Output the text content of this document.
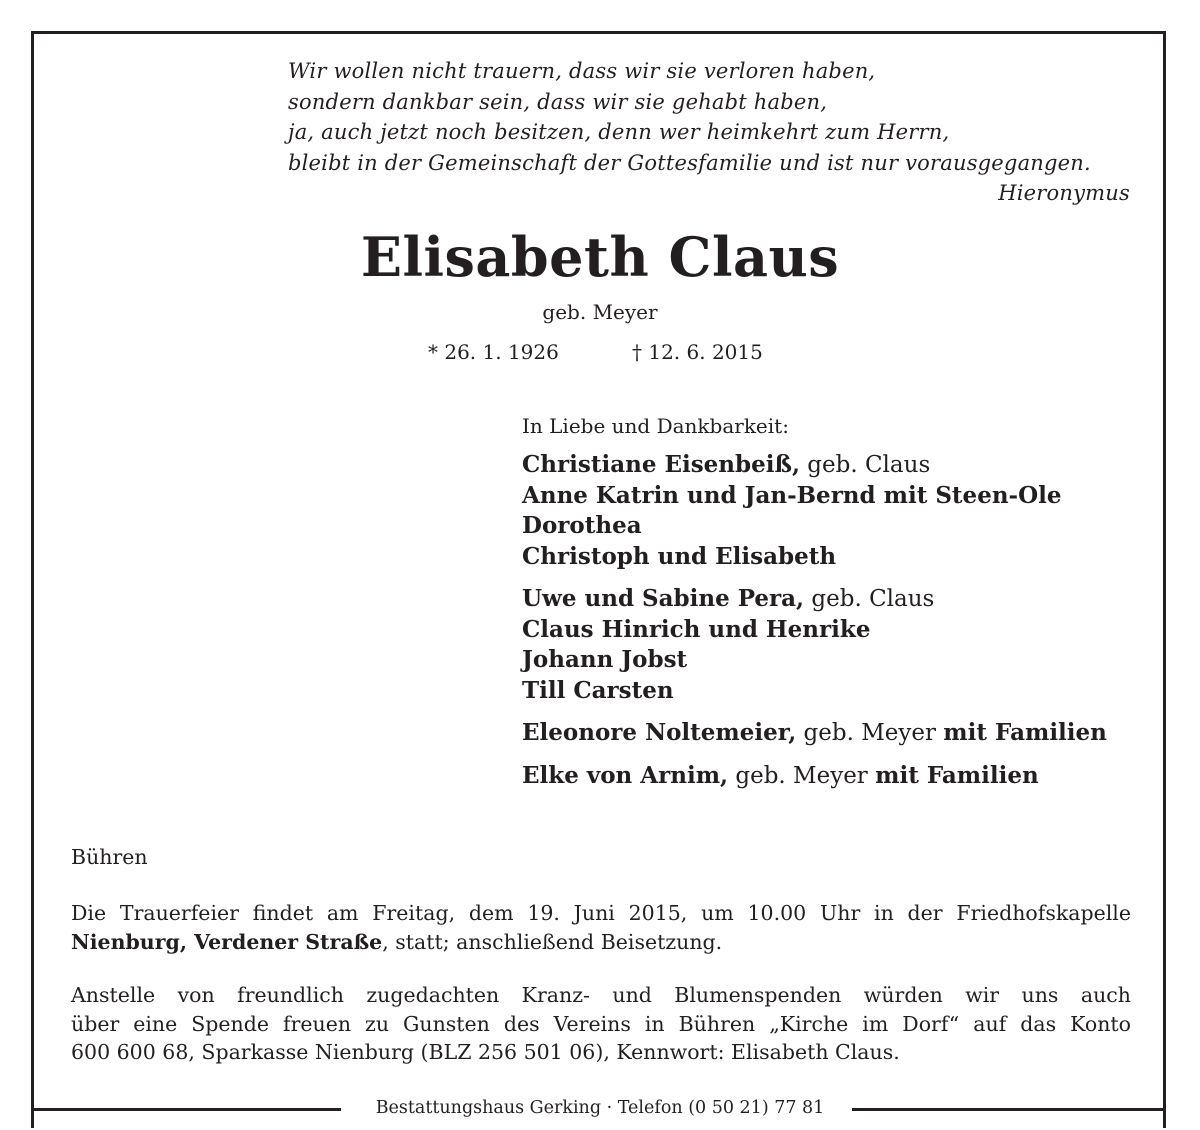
Wir wollen nicht trauern, dass wir sie verloren haben,
sondern dankbar sein, dass wir sie gehabt haben,
ja, auch jetzt noch besitzen, denn wer heimkehrt zum Herrn,
bleibt in der Gemeinschaft der Gottesfamilie und ist nur vorausgegangen.
Hieronymus
Elisabeth Claus
geb. Meyer
* 26. 1. 1926	† 12. 6. 2015
In Liebe und Dankbarkeit:
Christiane Eisenbeiß, geb. Claus
Anne Katrin und Jan-Bernd mit Steen-Ole
Dorothea
Christoph und Elisabeth
Uwe und Sabine Pera, geb. Claus
Claus Hinrich und Henrike
Johann Jobst
Till Carsten
Eleonore Noltemeier, geb. Meyer mit Familien
Elke von Arnim, geb. Meyer mit Familien
Bühren
Die Trauerfeier findet am Freitag, dem 19. Juni 2015, um 10.00 Uhr in der Friedhofskapelle
Nienburg, Verdener Straße, statt; anschließend Beisetzung.
Anstelle von freundlich zugedachten Kranz- und Blumenspenden würden wir uns auch
über eine Spende freuen zu Gunsten des Vereins in Bühren „Kirche im Dorf“ auf das Konto
600 600 68, Sparkasse Nienburg (BLZ 256 501 06), Kennwort: Elisabeth Claus.
Bestattungshaus Gerking · Telefon (0 50 21) 77 81
